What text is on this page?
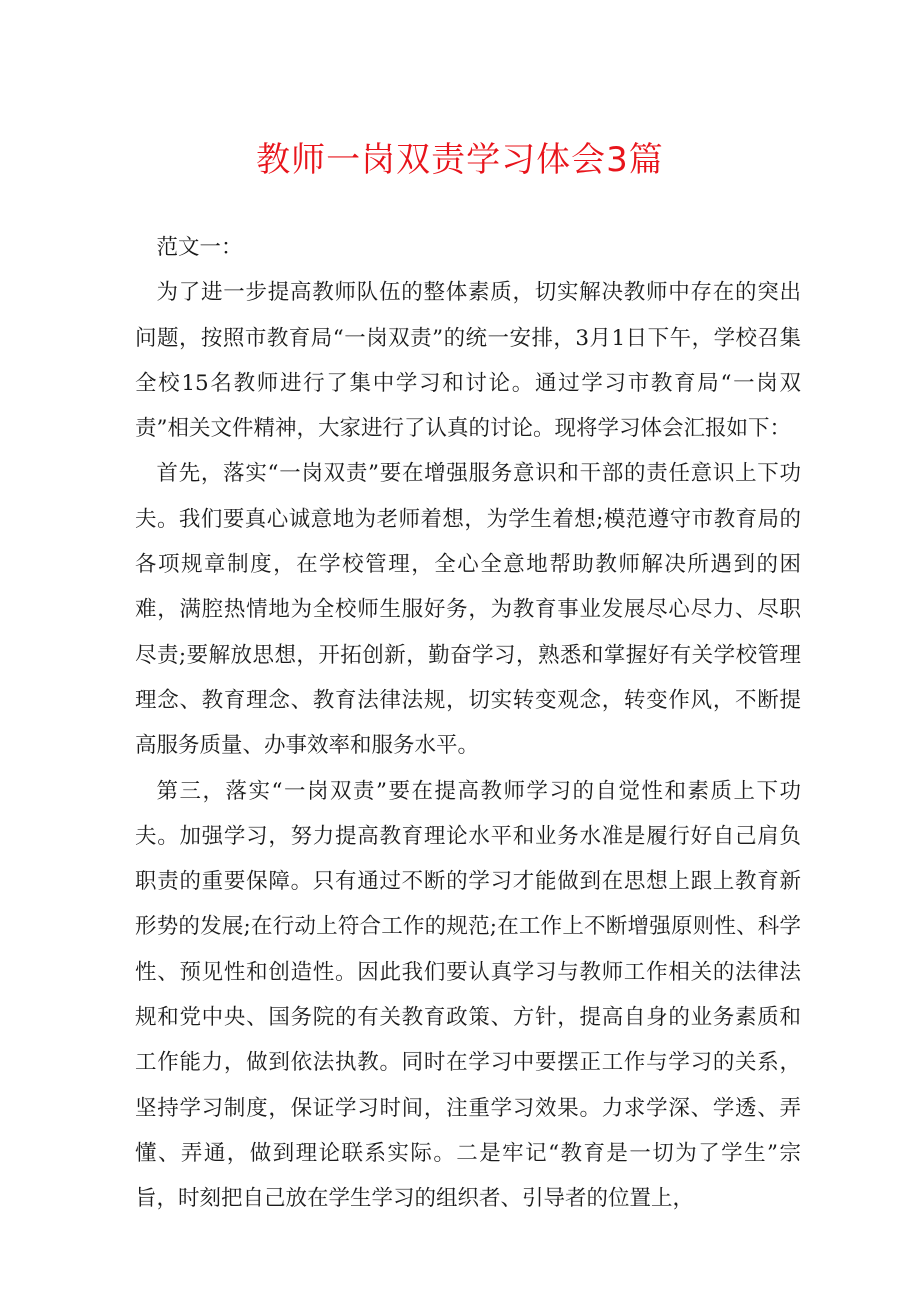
教师一岗双责学习体会3篇

范文一：

为了进一步提高教师队伍的整体素质，切实解决教师中存在的突出问题，按照市教育局“一岗双责”的统一安排，3月1日下午，学校召集全校15名教师进行了集中学习和讨论。通过学习市教育局“一岗双责”相关文件精神，大家进行了认真的讨论。现将学习体会汇报如下：

首先，落实“一岗双责”要在增强服务意识和干部的责任意识上下功夫。我们要真心诚意地为老师着想，为学生着想;模范遵守市教育局的各项规章制度，在学校管理，全心全意地帮助教师解决所遇到的困难，满腔热情地为全校师生服好务，为教育事业发展尽心尽力、尽职尽责;要解放思想，开拓创新，勤奋学习，熟悉和掌握好有关学校管理理念、教育理念、教育法律法规，切实转变观念，转变作风，不断提高服务质量、办事效率和服务水平。

第三，落实“一岗双责”要在提高教师学习的自觉性和素质上下功夫。加强学习，努力提高教育理论水平和业务水准是履行好自己肩负职责的重要保障。只有通过不断的学习才能做到在思想上跟上教育新形势的发展;在行动上符合工作的规范;在工作上不断增强原则性、科学性、预见性和创造性。因此我们要认真学习与教师工作相关的法律法规和党中央、国务院的有关教育政策、方针，提高自身的业务素质和工作能力，做到依法执教。同时在学习中要摆正工作与学习的关系，坚持学习制度，保证学习时间，注重学习效果。力求学深、学透、弄懂、弄通，做到理论联系实际。二是牢记“教育是一切为了学生”宗旨，时刻把自己放在学生学习的组织者、引导者的位置上，
